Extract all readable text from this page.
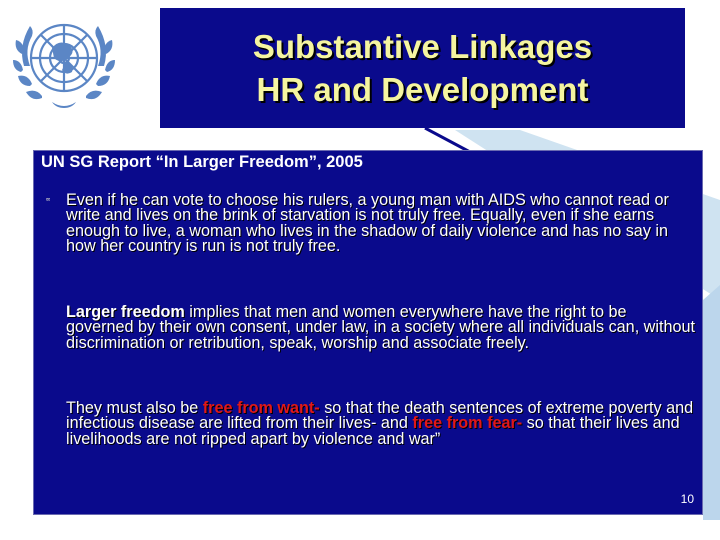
Substantive Linkages
HR and Development
UN SG Report “In Larger Freedom”, 2005
‟ Even if he can vote to choose his rulers, a young man with AIDS who cannot read or write and lives on the brink of starvation is not truly free. Equally, even if she earns enough to live, a woman who lives in the shadow of daily violence and has no say in how her country is run is not truly free.
Larger freedom implies that men and women everywhere have the right to be governed by their own consent, under law, in a society where all individuals can, without discrimination or retribution, speak, worship and associate freely.
They must also be free from want- so that the death sentences of extreme poverty and infectious disease are lifted from their lives- and free from fear- so that their lives and livelihoods are not ripped apart by violence and war”
10
